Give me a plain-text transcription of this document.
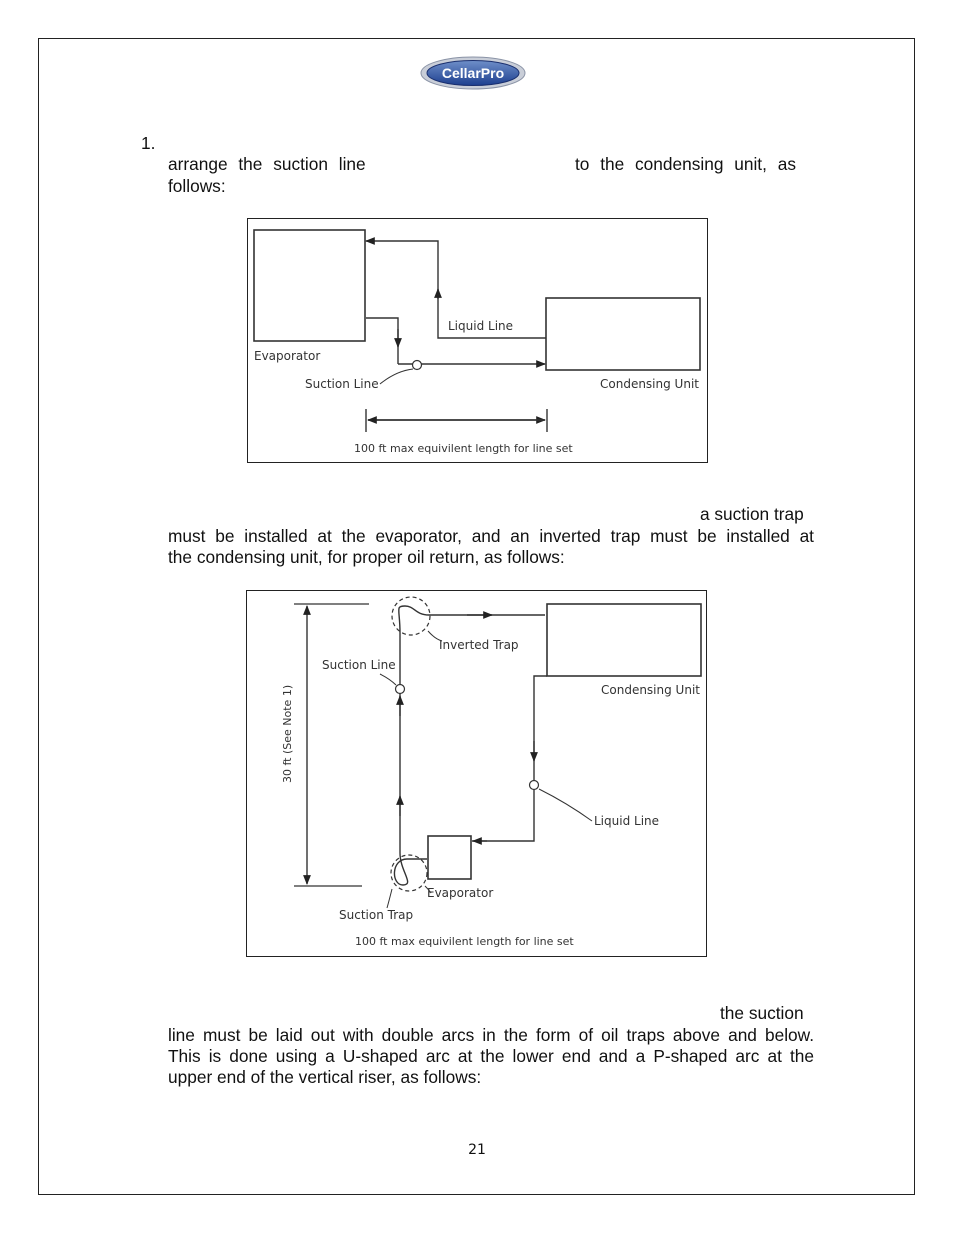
CellarPro
1.
arrange the suction line	to the condensing unit, as
follows:
Evaporator
Liquid Line
Suction Line	Condensing Unit
100 ft max equivilent length for line set
a suction trap
must be installed at the evaporator, and an inverted trap must be installed at
the condensing unit, for proper oil return, as follows:
30 ft (See Note 1)
Inverted Trap
Suction Line
Condensing Unit
Liquid Line
Evaporator
Suction Trap
100 ft max equivilent length for line set
the suction
line must be laid out with double arcs in the form of oil traps above and below.
This is done using a U-shaped arc at the lower end and a P-shaped arc at the
upper end of the vertical riser, as follows:
21
